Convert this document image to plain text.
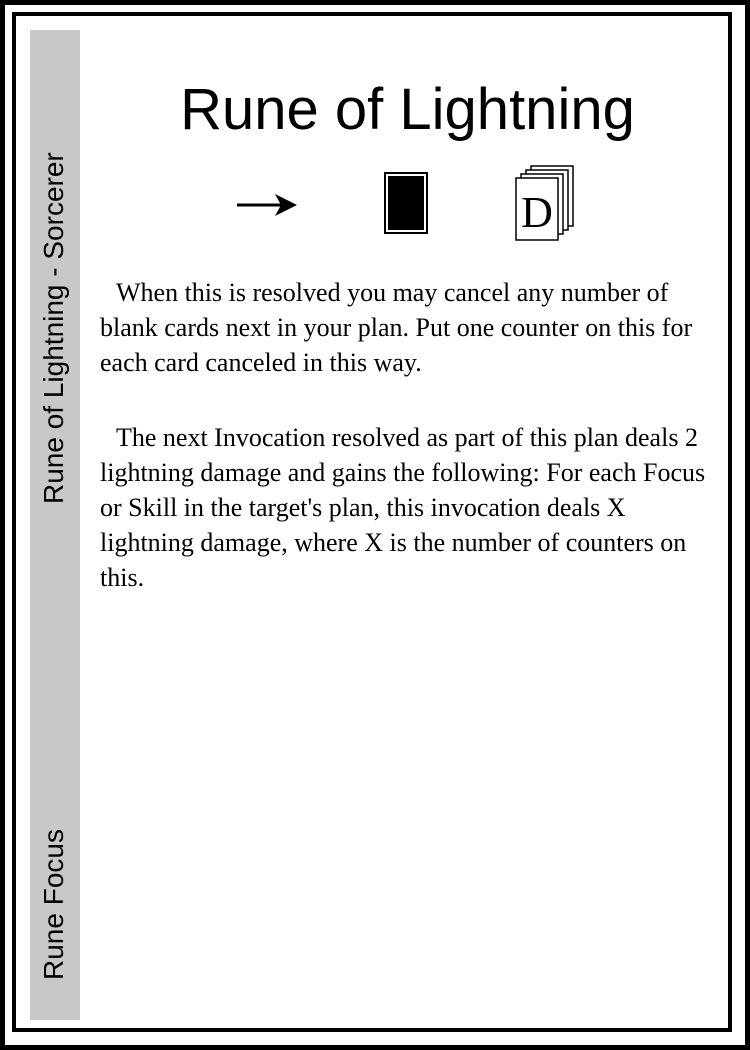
Rune of Lightning - Sorcerer
Rune Focus
Rune of Lightning
D

When this is resolved you may cancel any number of blank cards next in your plan. Put one counter on this for each card canceled in this way.

The next Invocation resolved as part of this plan deals 2 lightning damage and gains the following: For each Focus or Skill in the target's plan, this invocation deals X lightning damage, where X is the number of counters on this.
